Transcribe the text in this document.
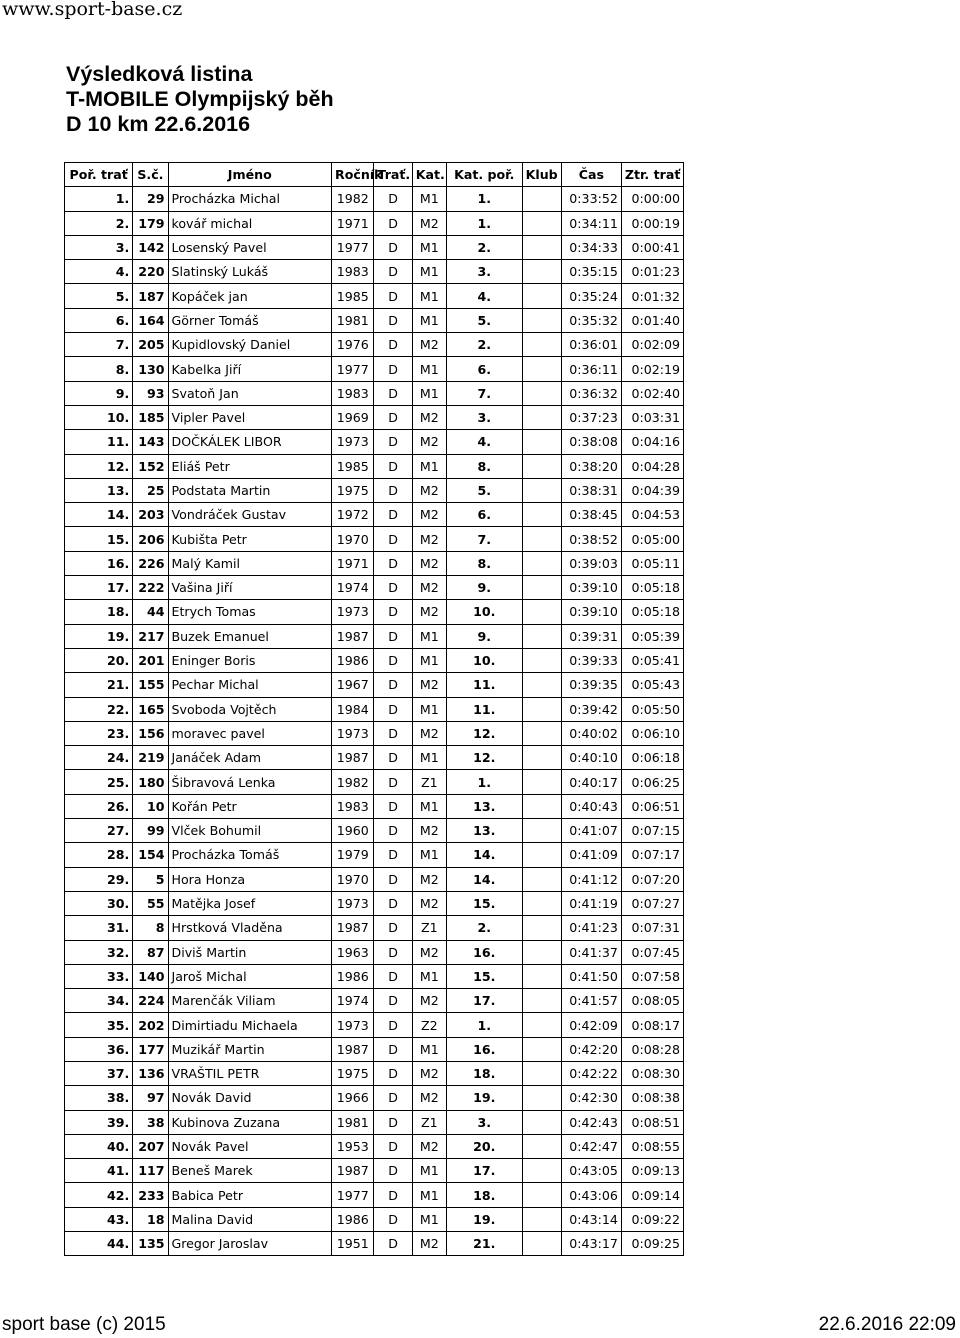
www.sport-base.cz
Výsledková listina
T-MOBILE Olympijský běh
D 10 km 22.6.2016
Poř. trať	S.č.	Jméno	Ročník	Trať.	Kat.	Kat. poř.	Klub	Čas	Ztr. trať
1.	29	Procházka Michal	1982	D	M1	1.		0:33:52	0:00:00
2.	179	kovář michal	1971	D	M2	1.		0:34:11	0:00:19
3.	142	Losenský Pavel	1977	D	M1	2.		0:34:33	0:00:41
4.	220	Slatinský Lukáš	1983	D	M1	3.		0:35:15	0:01:23
5.	187	Kopáček jan	1985	D	M1	4.		0:35:24	0:01:32
6.	164	Görner Tomáš	1981	D	M1	5.		0:35:32	0:01:40
7.	205	Kupidlovský Daniel	1976	D	M2	2.		0:36:01	0:02:09
8.	130	Kabelka Jiří	1977	D	M1	6.		0:36:11	0:02:19
9.	93	Svatoň Jan	1983	D	M1	7.		0:36:32	0:02:40
10.	185	Vipler Pavel	1969	D	M2	3.		0:37:23	0:03:31
11.	143	DOČKÁLEK LIBOR	1973	D	M2	4.		0:38:08	0:04:16
12.	152	Eliáš Petr	1985	D	M1	8.		0:38:20	0:04:28
13.	25	Podstata Martin	1975	D	M2	5.		0:38:31	0:04:39
14.	203	Vondráček Gustav	1972	D	M2	6.		0:38:45	0:04:53
15.	206	Kubišta Petr	1970	D	M2	7.		0:38:52	0:05:00
16.	226	Malý Kamil	1971	D	M2	8.		0:39:03	0:05:11
17.	222	Vašina Jiří	1974	D	M2	9.		0:39:10	0:05:18
18.	44	Etrych Tomas	1973	D	M2	10.		0:39:10	0:05:18
19.	217	Buzek Emanuel	1987	D	M1	9.		0:39:31	0:05:39
20.	201	Eninger Boris	1986	D	M1	10.		0:39:33	0:05:41
21.	155	Pechar Michal	1967	D	M2	11.		0:39:35	0:05:43
22.	165	Svoboda Vojtěch	1984	D	M1	11.		0:39:42	0:05:50
23.	156	moravec pavel	1973	D	M2	12.		0:40:02	0:06:10
24.	219	Janáček Adam	1987	D	M1	12.		0:40:10	0:06:18
25.	180	Šibravová Lenka	1982	D	Z1	1.		0:40:17	0:06:25
26.	10	Kořán Petr	1983	D	M1	13.		0:40:43	0:06:51
27.	99	Vlček Bohumil	1960	D	M2	13.		0:41:07	0:07:15
28.	154	Procházka Tomáš	1979	D	M1	14.		0:41:09	0:07:17
29.	5	Hora Honza	1970	D	M2	14.		0:41:12	0:07:20
30.	55	Matějka Josef	1973	D	M2	15.		0:41:19	0:07:27
31.	8	Hrstková Vladěna	1987	D	Z1	2.		0:41:23	0:07:31
32.	87	Diviš Martin	1963	D	M2	16.		0:41:37	0:07:45
33.	140	Jaroš Michal	1986	D	M1	15.		0:41:50	0:07:58
34.	224	Marenčák Viliam	1974	D	M2	17.		0:41:57	0:08:05
35.	202	Dimirtiadu Michaela	1973	D	Z2	1.		0:42:09	0:08:17
36.	177	Muzikář Martin	1987	D	M1	16.		0:42:20	0:08:28
37.	136	VRAŠTIL PETR	1975	D	M2	18.		0:42:22	0:08:30
38.	97	Novák David	1966	D	M2	19.		0:42:30	0:08:38
39.	38	Kubinova Zuzana	1981	D	Z1	3.		0:42:43	0:08:51
40.	207	Novák Pavel	1953	D	M2	20.		0:42:47	0:08:55
41.	117	Beneš Marek	1987	D	M1	17.		0:43:05	0:09:13
42.	233	Babica Petr	1977	D	M1	18.		0:43:06	0:09:14
43.	18	Malina David	1986	D	M1	19.		0:43:14	0:09:22
44.	135	Gregor Jaroslav	1951	D	M2	21.		0:43:17	0:09:25
sport base (c) 2015	22.6.2016 22:09
